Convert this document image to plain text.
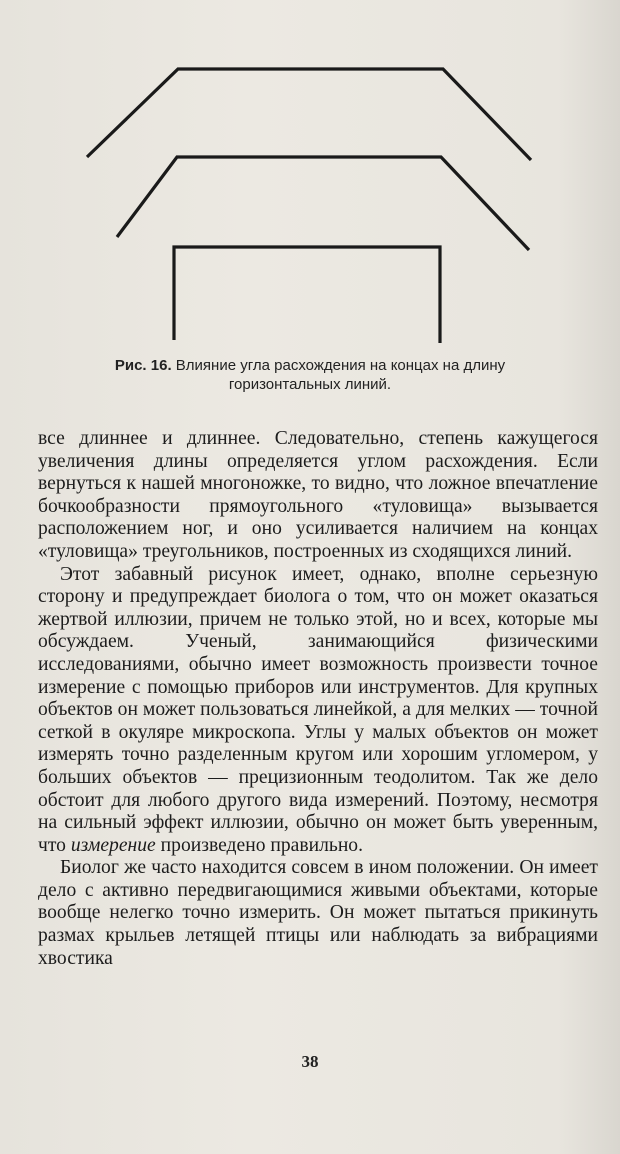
Рис. 16. Влияние угла расхождения на концах на длину
горизонтальных линий.

все длиннее и длиннее. Следовательно, степень кажущегося увеличения длины определяется углом расхождения. Если вернуться к нашей многоножке, то видно, что ложное впечатление бочкообразности прямоугольного «туловища» вызывается расположением ног, и оно усиливается наличием на концах «туловища» треугольников, построенных из сходящихся линий.

Этот забавный рисунок имеет, однако, вполне серьезную сторону и предупреждает биолога о том, что он может оказаться жертвой иллюзии, причем не только этой, но и всех, которые мы обсуждаем. Ученый, занимающийся физическими исследованиями, обычно имеет возможность произвести точное измерение с помощью приборов или инструментов. Для крупных объектов он может пользоваться линейкой, а для мелких — точной сеткой в окуляре микроскопа. Углы у малых объектов он может измерять точно разделенным кругом или хорошим угломером, у больших объектов — прецизионным теодолитом. Так же дело обстоит для любого другого вида измерений. Поэтому, несмотря на сильный эффект иллюзии, обычно он может быть уверенным, что измерение произведено правильно.

Биолог же часто находится совсем в ином положении. Он имеет дело с активно передвигающимися живыми объектами, которые вообще нелегко точно измерить. Он может пытаться прикинуть размах крыльев летящей птицы или наблюдать за вибрациями хвостика

38
